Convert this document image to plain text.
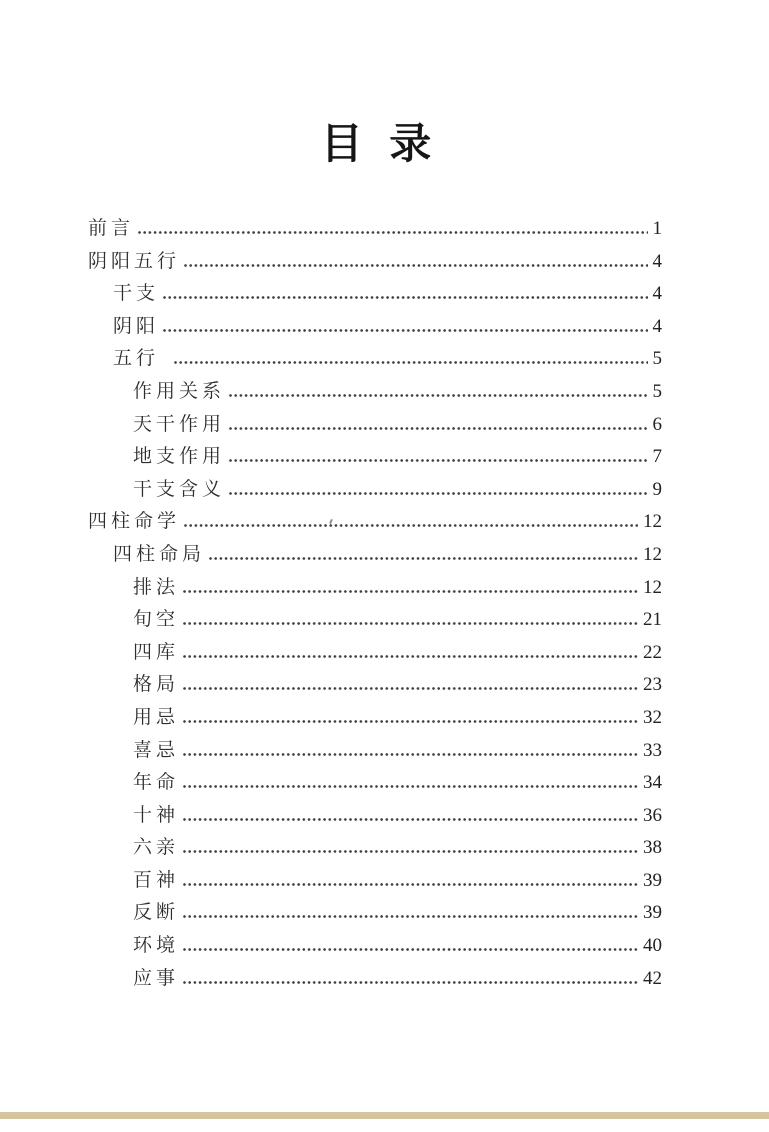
目 录
前言	1
阴阳五行	4
干支	4
阴阳	4
五行	5
作用关系	5
天干作用	6
地支作用	7
干支含义	9
四柱命学	12
四柱命局	12
排法	12
旬空	21
四库	22
格局	23
用忌	32
喜忌	33
年命	34
十神	36
六亲	38
百神	39
反断	39
环境	40
应事	42
